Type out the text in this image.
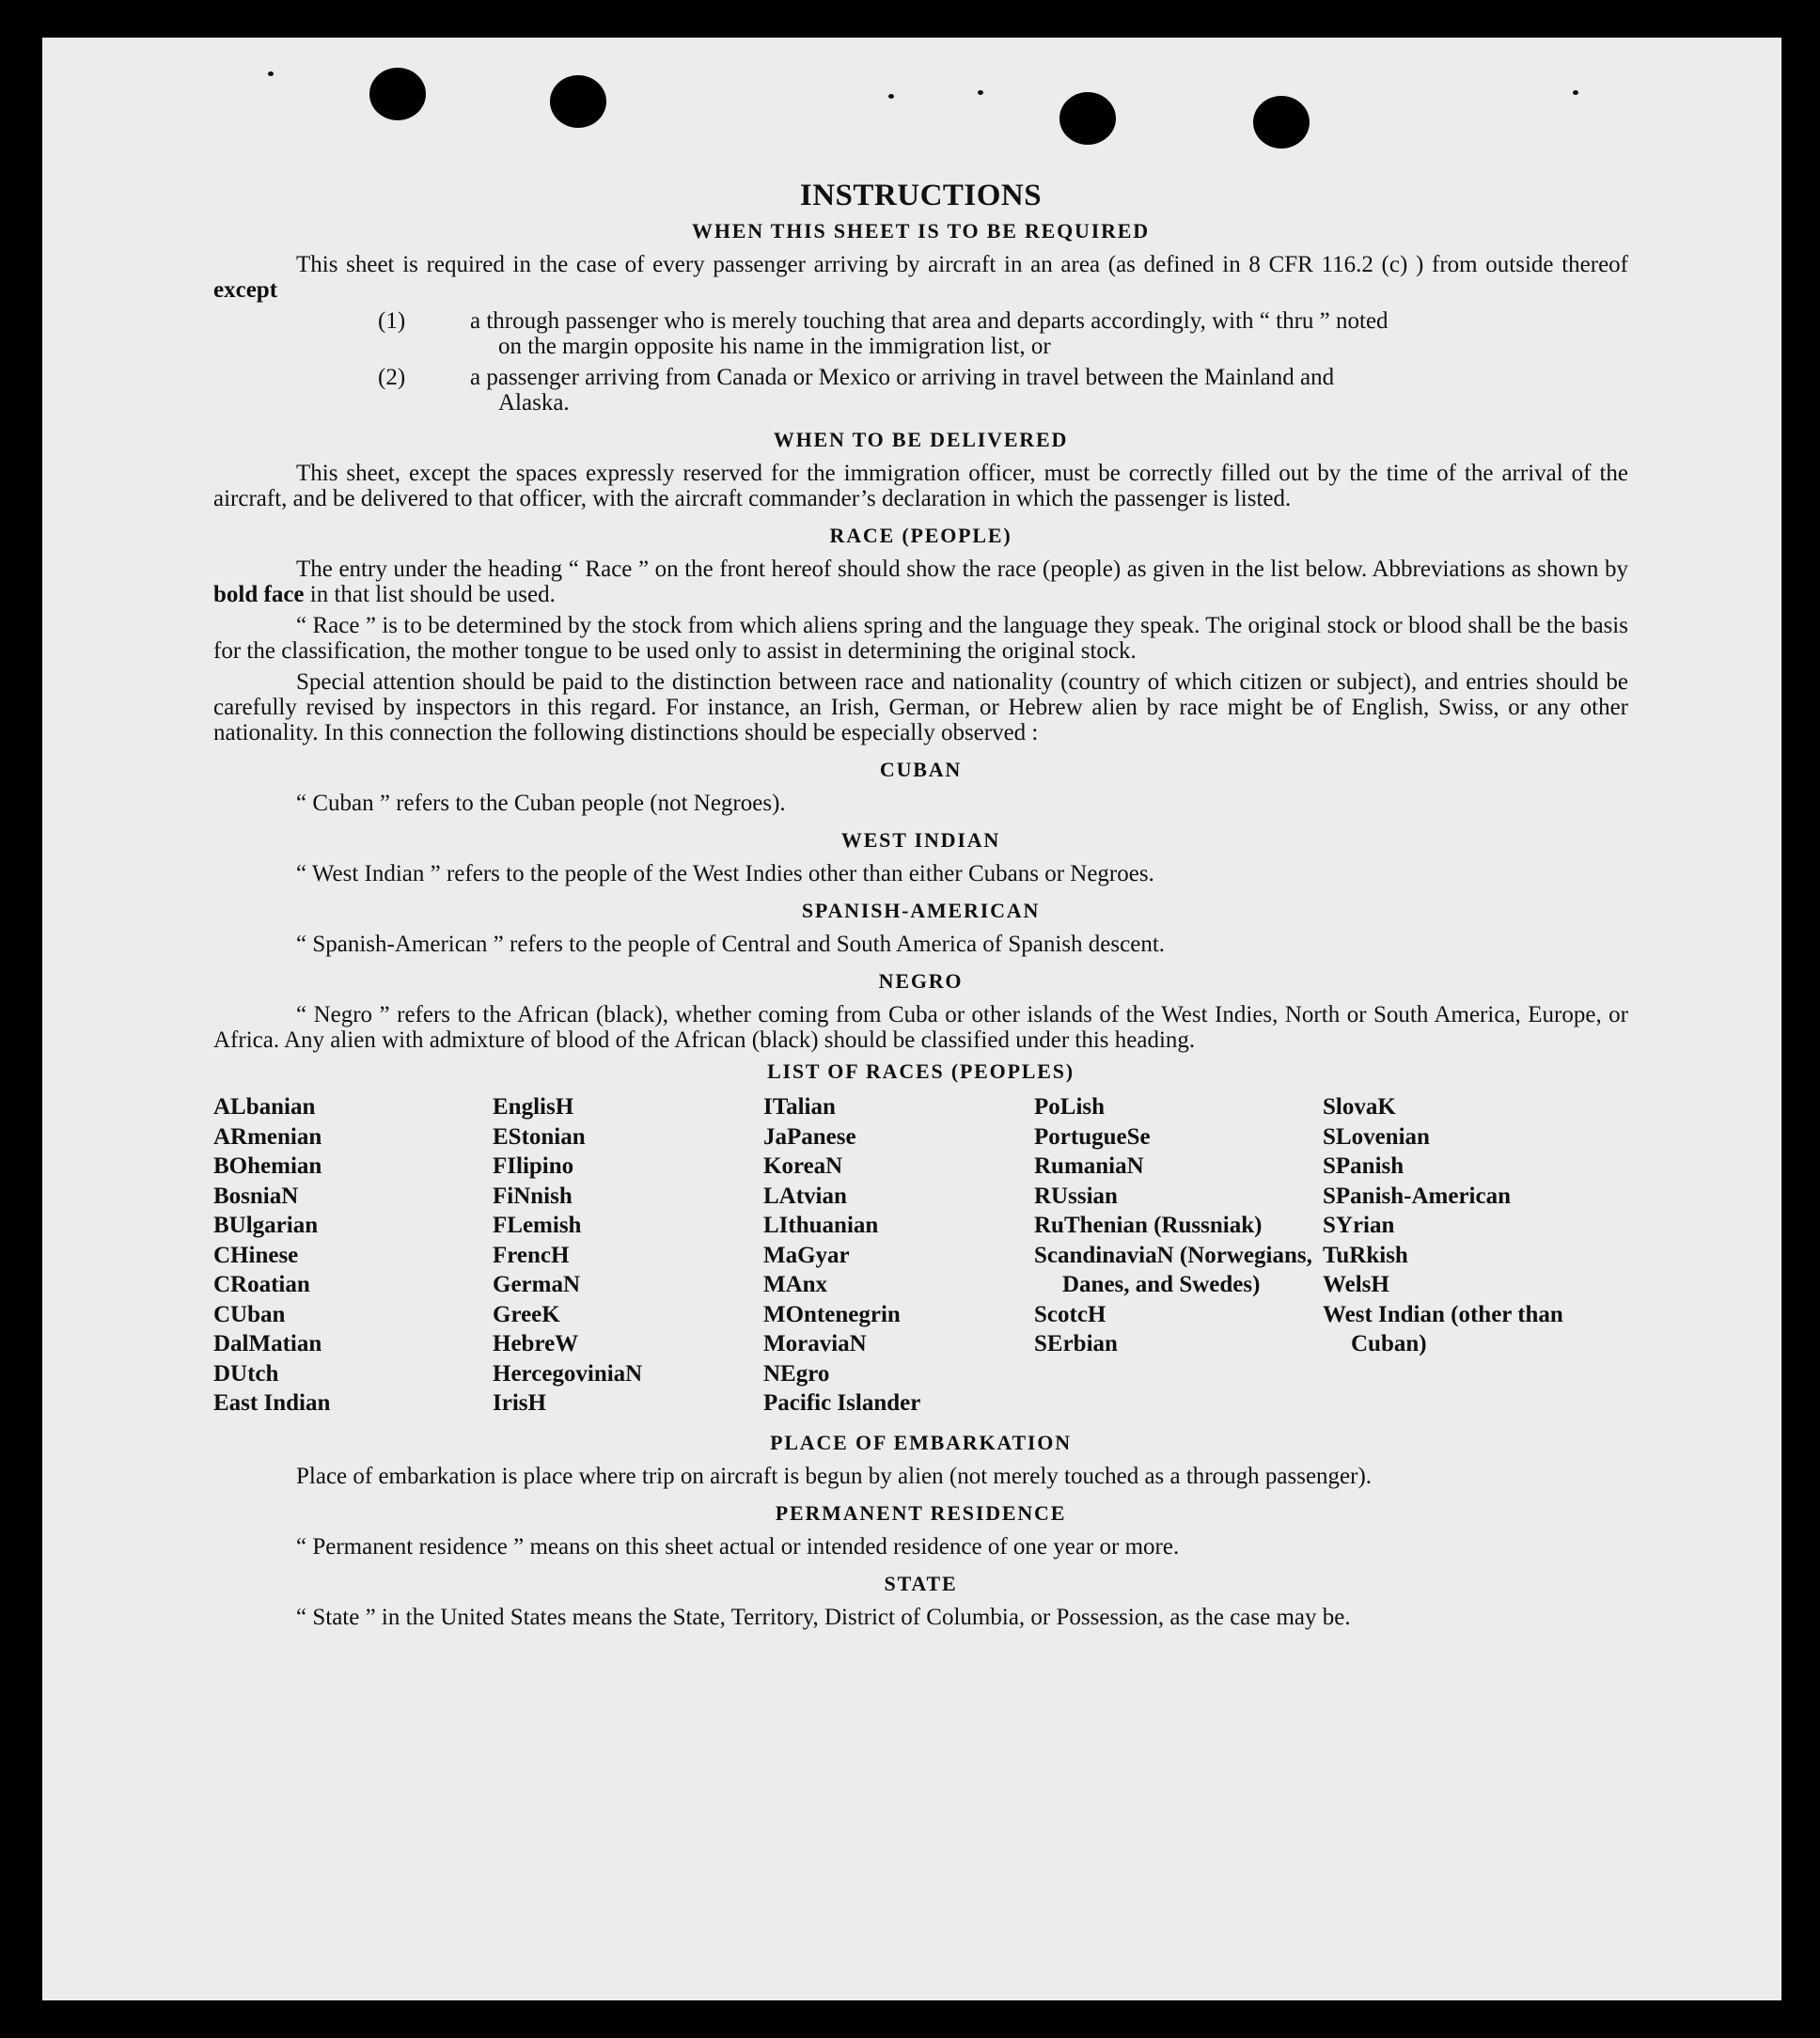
INSTRUCTIONS
WHEN THIS SHEET IS TO BE REQUIRED

This sheet is required in the case of every passenger arriving by aircraft in an area (as defined in 8 CFR 116.2 (c) ) from outside thereof except

(1)	a through passenger who is merely touching that area and departs accordingly, with “ thru ” noted
on the margin opposite his name in the immigration list, or
(2)	a passenger arriving from Canada or Mexico or arriving in travel between the Mainland and
Alaska.
WHEN TO BE DELIVERED

This sheet, except the spaces expressly reserved for the immigration officer, must be correctly filled out by the time of the arrival of the aircraft, and be delivered to that officer, with the aircraft commander’s declaration in which the passenger is listed.

RACE (PEOPLE)

The entry under the heading “ Race ” on the front hereof should show the race (people) as given in the list below. Abbreviations as shown by bold face in that list should be used.

“ Race ” is to be determined by the stock from which aliens spring and the language they speak. The original stock or blood shall be the basis for the classification, the mother tongue to be used only to assist in determining the original stock.

Special attention should be paid to the distinction between race and nationality (country of which citizen or subject), and entries should be carefully revised by inspectors in this regard. For instance, an Irish, German, or Hebrew alien by race might be of English, Swiss, or any other nationality. In this connection the following distinctions should be especially observed :

CUBAN

“ Cuban ” refers to the Cuban people (not Negroes).

WEST INDIAN

“ West Indian ” refers to the people of the West Indies other than either Cubans or Negroes.

SPANISH-AMERICAN

“ Spanish-American ” refers to the people of Central and South America of Spanish descent.

NEGRO

“ Negro ” refers to the African (black), whether coming from Cuba or other islands of the West Indies, North or South America, Europe, or Africa. Any alien with admixture of blood of the African (black) should be classified under this heading.

LIST OF RACES (PEOPLES)
ALbanian
ARmenian
BOhemian
BosniaN
BUlgarian
CHinese
CRoatian
CUban
DalMatian
DUtch
East Indian
EnglisH
EStonian
FIlipino
FiNnish
FLemish
FrencH
GermaN
GreeK
HebreW
HercegoviniaN
IrisH
ITalian
JaPanese
KoreaN
LAtvian
LIthuanian
MaGyar
MAnx
MOntenegrin
MoraviaN
NEgro
Pacific Islander
PoLish
PortugueSe
RumaniaN
RUssian
RuThenian (Russniak)
ScandinaviaN (Norwegians, Danes, and Swedes)
ScotcH
SErbian
SlovaK
SLovenian
SPanish
SPanish-American
SYrian
TuRkish
WelsH
West Indian (other than Cuban)
PLACE OF EMBARKATION

Place of embarkation is place where trip on aircraft is begun by alien (not merely touched as a through passenger).

PERMANENT RESIDENCE

“ Permanent residence ” means on this sheet actual or intended residence of one year or more.

STATE

“ State ” in the United States means the State, Territory, District of Columbia, or Possession, as the case may be.
